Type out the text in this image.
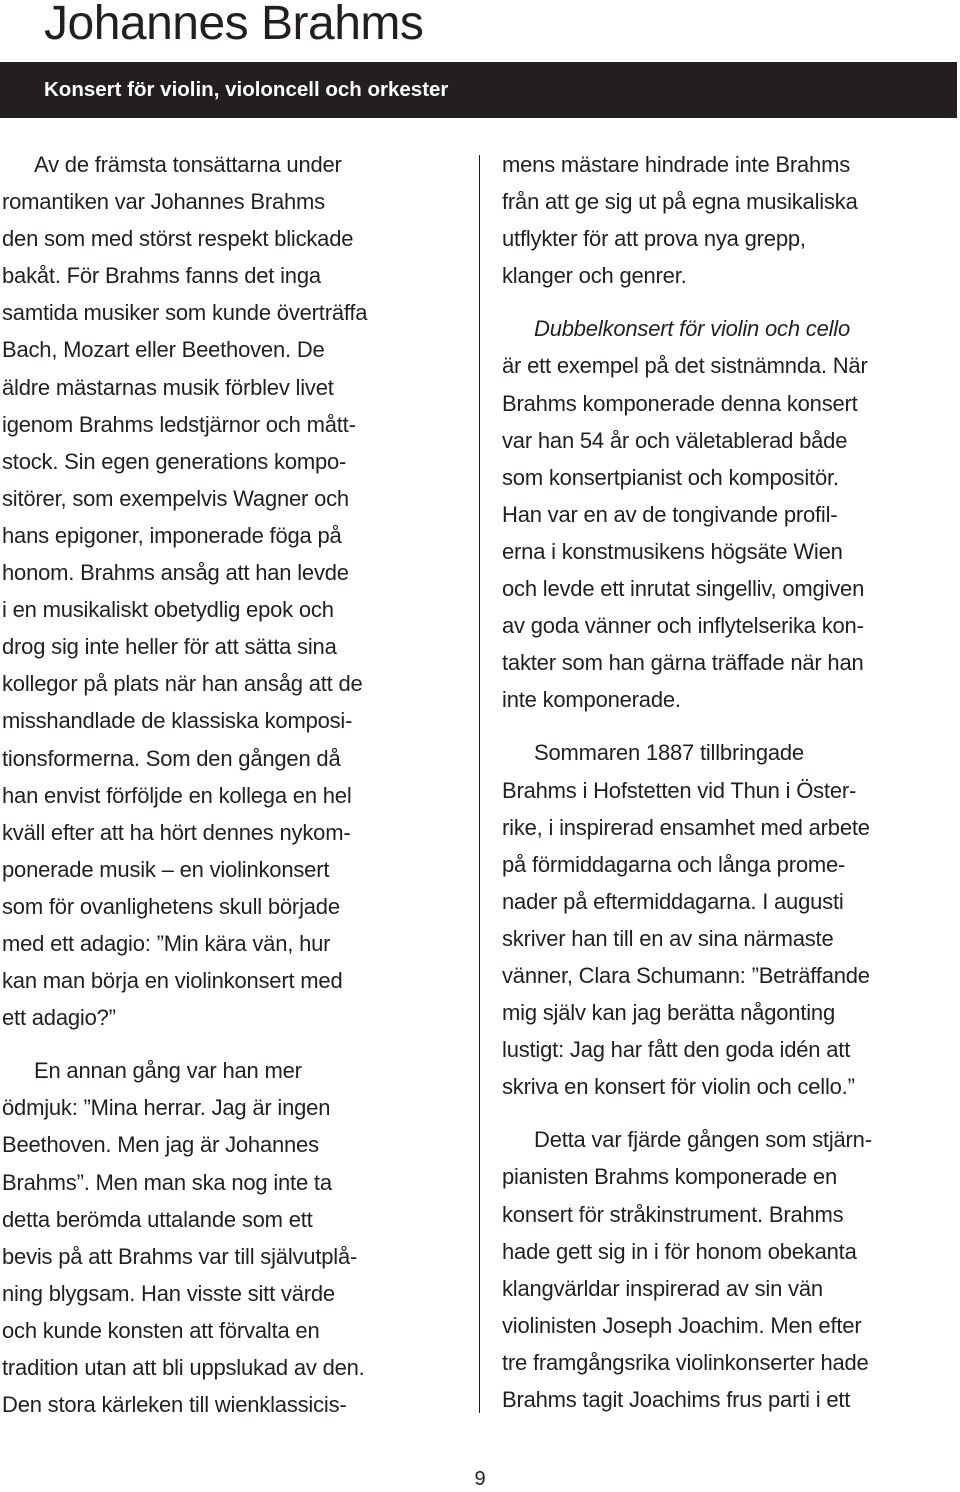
Johannes Brahms
Konsert för violin, violoncell och orkester
Av de främsta tonsättarna under
romantiken var Johannes Brahms
den som med störst respekt blickade
bakåt. För Brahms fanns det inga
samtida musiker som kunde överträffa
Bach, Mozart eller Beethoven. De
äldre mästarnas musik förblev livet
igenom Brahms ledstjärnor och mått-
stock. Sin egen generations kompo-
sitörer, som exempelvis Wagner och
hans epigoner, imponerade föga på
honom. Brahms ansåg att han levde
i en musikaliskt obetydlig epok och
drog sig inte heller för att sätta sina
kollegor på plats när han ansåg att de
misshandlade de klassiska komposi-
tionsformerna. Som den gången då
han envist förföljde en kollega en hel
kväll efter att ha hört dennes nykom-
ponerade musik – en violinkonsert
som för ovanlighetens skull började
med ett adagio: ”Min kära vän, hur
kan man börja en violinkonsert med
ett adagio?”
En annan gång var han mer
ödmjuk: ”Mina herrar. Jag är ingen
Beethoven. Men jag är Johannes
Brahms”. Men man ska nog inte ta
detta berömda uttalande som ett
bevis på att Brahms var till självutplå-
ning blygsam. Han visste sitt värde
och kunde konsten att förvalta en
tradition utan att bli uppslukad av den.
Den stora kärleken till wienklassicis-
mens mästare hindrade inte Brahms
från att ge sig ut på egna musikaliska
utflykter för att prova nya grepp,
klanger och genrer.
Dubbelkonsert för violin och cello
är ett exempel på det sistnämnda. När
Brahms komponerade denna konsert
var han 54 år och väletablerad både
som konsertpianist och kompositör.
Han var en av de tongivande profil-
erna i konstmusikens högsäte Wien
och levde ett inrutat singelliv, omgiven
av goda vänner och inflytelserika kon-
takter som han gärna träffade när han
inte komponerade.
Sommaren 1887 tillbringade
Brahms i Hofstetten vid Thun i Öster-
rike, i inspirerad ensamhet med arbete
på förmiddagarna och långa prome-
nader på eftermiddagarna. I augusti
skriver han till en av sina närmaste
vänner, Clara Schumann: ”Beträffande
mig själv kan jag berätta någonting
lustigt: Jag har fått den goda idén att
skriva en konsert för violin och cello.”
Detta var fjärde gången som stjärn-
pianisten Brahms komponerade en
konsert för stråkinstrument. Brahms
hade gett sig in i för honom obekanta
klangvärldar inspirerad av sin vän
violinisten Joseph Joachim. Men efter
tre framgångsrika violinkonserter hade
Brahms tagit Joachims frus parti i ett
9
